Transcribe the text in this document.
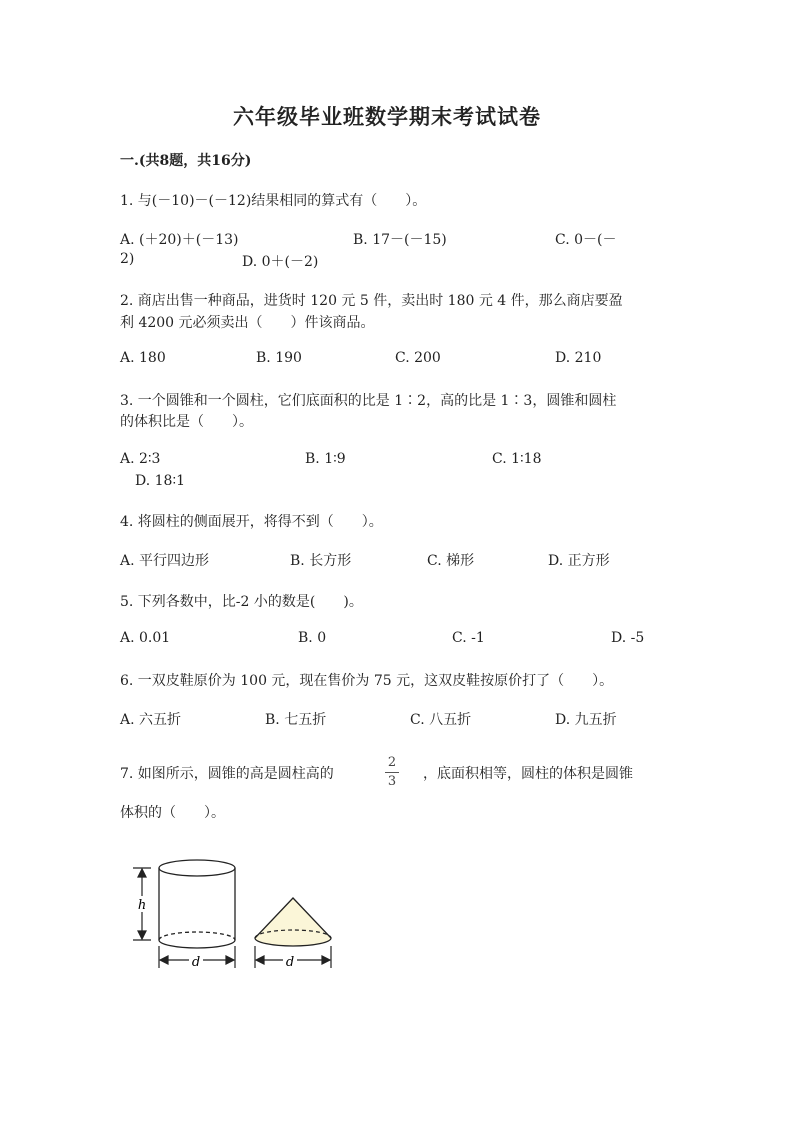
六年级毕业班数学期末考试试卷
一.(共8题，共16分)
1. 与(－10)－(－12)结果相同的算式有（　　）。
A. (＋20)＋(－13)	B. 17－(－15)	C. 0－(－
2)	D. 0＋(－2)
2. 商店出售一种商品，进货时 120 元 5 件，卖出时 180 元 4 件，那么商店要盈
利 4200 元必须卖出（　　）件该商品。
A. 180	B. 190	C. 200	D. 210
3. 一个圆锥和一个圆柱，它们底面积的比是 1∶2，高的比是 1∶3，圆锥和圆柱
的体积比是（　　）。
A. 2∶3	B. 1∶9	C. 1∶18
D. 18∶1
4. 将圆柱的侧面展开，将得不到（　　）。
A. 平行四边形	B. 长方形	C. 梯形	D. 正方形
5. 下列各数中，比-2 小的数是(　　)。
A. 0.01	B. 0	C. -1	D. -5
6. 一双皮鞋原价为 100 元，现在售价为 75 元，这双皮鞋按原价打了（　　）。
A. 六五折	B. 七五折	C. 八五折	D. 九五折
7. 如图所示，圆锥的高是圆柱高的
2
3 ，底面积相等，圆柱的体积是圆锥
体积的（　　）。
h
d	d
